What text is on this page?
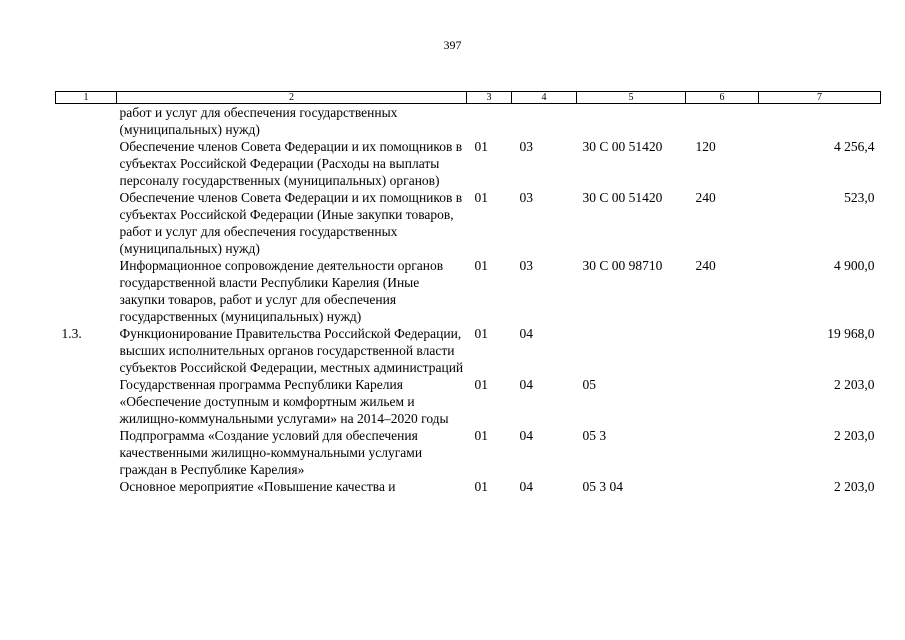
397
1	2	3	4	5	6	7
	работ и услуг для обеспечения государственных (муниципальных) нужд)					
	Обеспечение членов Совета Федерации и их помощников в субъектах Российской Федерации (Расходы на выплаты персоналу государственных (муниципальных) органов)	01	03	30 С 00 51420	120	4 256,4
	Обеспечение членов Совета Федерации и их помощников в субъектах Российской Федерации (Иные закупки товаров, работ и услуг для обеспечения государственных (муниципальных) нужд)	01	03	30 С 00 51420	240	523,0
	Информационное сопровождение деятельности органов государственной власти Республики Карелия (Иные закупки товаров, работ и услуг для обеспечения государственных (муниципальных) нужд)	01	03	30 С 00 98710	240	4 900,0
1.3.	Функционирование Правительства Российской Федерации, высших исполнительных органов государственной власти субъектов Российской Федерации, местных администраций	01	04			19 968,0
	Государственная программа Республики Карелия «Обеспечение доступным и комфортным жильем и жилищно-коммунальными услугами» на 2014–2020 годы	01	04	05		2 203,0
	Подпрограмма «Создание условий для обеспечения качественными жилищно-коммунальными услугами граждан в Республике Карелия»	01	04	05 3		2 203,0
	Основное мероприятие «Повышение качества и	01	04	05 3 04		2 203,0
